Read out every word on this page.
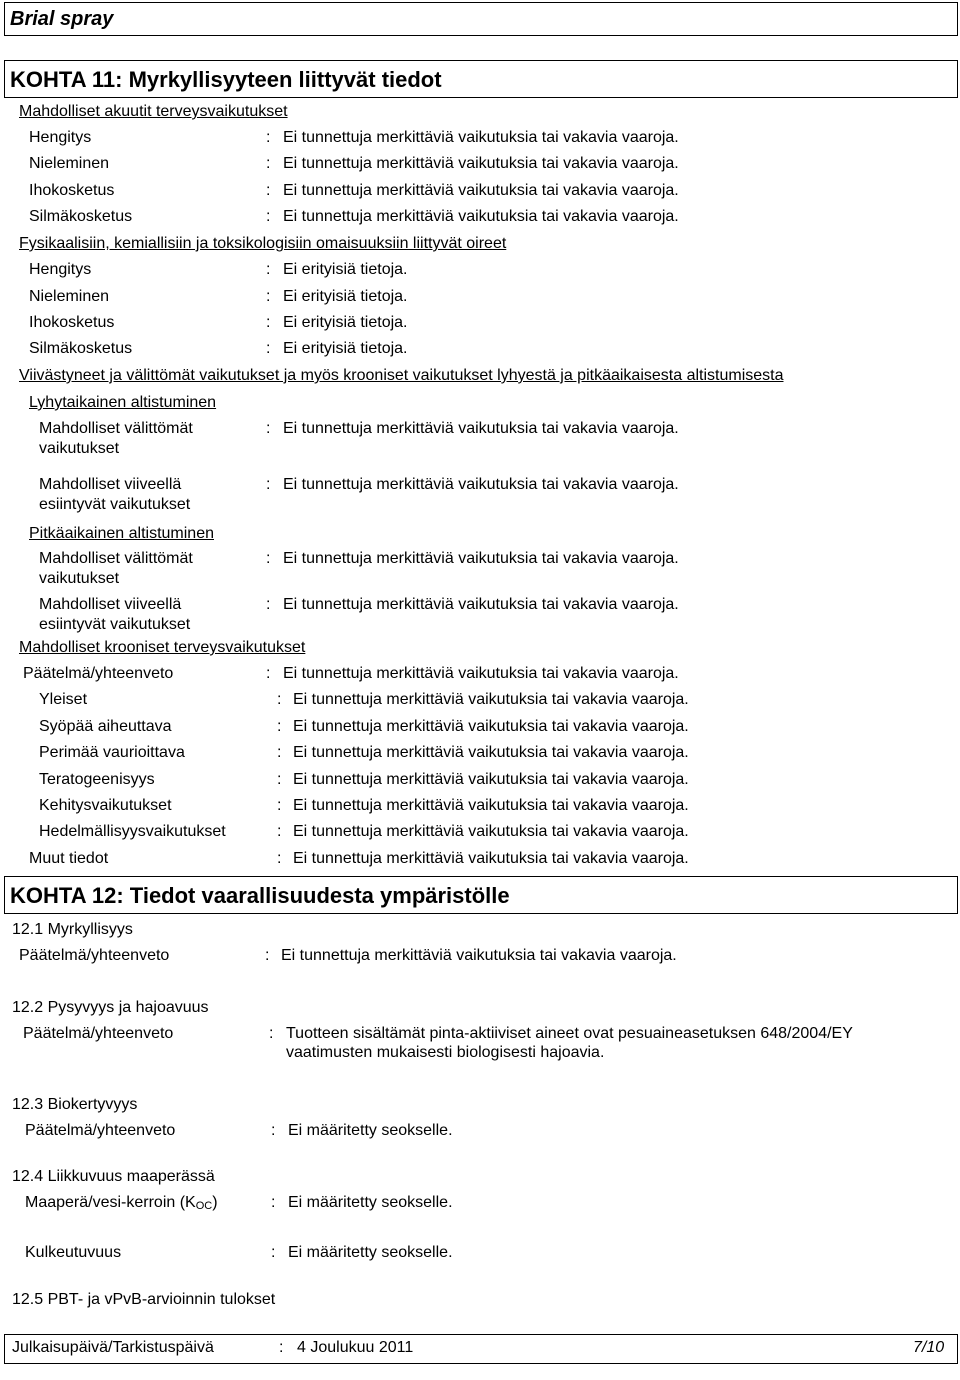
Brial spray
KOHTA 11: Myrkyllisyyteen liittyvät tiedot
Mahdolliset akuutit terveysvaikutukset
Hengitys	: Ei tunnettuja merkittäviä vaikutuksia tai vakavia vaaroja.
Nieleminen	: Ei tunnettuja merkittäviä vaikutuksia tai vakavia vaaroja.
Ihokosketus	: Ei tunnettuja merkittäviä vaikutuksia tai vakavia vaaroja.
Silmäkosketus	: Ei tunnettuja merkittäviä vaikutuksia tai vakavia vaaroja.
Fysikaalisiin, kemiallisiin ja toksikologisiin omaisuuksiin liittyvät oireet
Hengitys	: Ei erityisiä tietoja.
Nieleminen	: Ei erityisiä tietoja.
Ihokosketus	: Ei erityisiä tietoja.
Silmäkosketus	: Ei erityisiä tietoja.
Viivästyneet ja välittömät vaikutukset ja myös krooniset vaikutukset lyhyestä ja pitkäaikaisesta altistumisesta
Lyhytaikainen altistuminen
Mahdolliset välittömät
vaikutukset
: Ei tunnettuja merkittäviä vaikutuksia tai vakavia vaaroja.
Mahdolliset viiveellä
esiintyvät vaikutukset
: Ei tunnettuja merkittäviä vaikutuksia tai vakavia vaaroja.
Pitkäaikainen altistuminen
Mahdolliset välittömät
vaikutukset
: Ei tunnettuja merkittäviä vaikutuksia tai vakavia vaaroja.
Mahdolliset viiveellä
esiintyvät vaikutukset
: Ei tunnettuja merkittäviä vaikutuksia tai vakavia vaaroja.
Mahdolliset krooniset terveysvaikutukset
Päätelmä/yhteenveto	: Ei tunnettuja merkittäviä vaikutuksia tai vakavia vaaroja.
Yleiset	: Ei tunnettuja merkittäviä vaikutuksia tai vakavia vaaroja.
Syöpää aiheuttava	: Ei tunnettuja merkittäviä vaikutuksia tai vakavia vaaroja.
Perimää vaurioittava	: Ei tunnettuja merkittäviä vaikutuksia tai vakavia vaaroja.
Teratogeenisyys	: Ei tunnettuja merkittäviä vaikutuksia tai vakavia vaaroja.
Kehitysvaikutukset	: Ei tunnettuja merkittäviä vaikutuksia tai vakavia vaaroja.
Hedelmällisyysvaikutukset	: Ei tunnettuja merkittäviä vaikutuksia tai vakavia vaaroja.
Muut tiedot	: Ei tunnettuja merkittäviä vaikutuksia tai vakavia vaaroja.
KOHTA 12: Tiedot vaarallisuudesta ympäristölle
12.1 Myrkyllisyys
Päätelmä/yhteenveto	: Ei tunnettuja merkittäviä vaikutuksia tai vakavia vaaroja.
12.2 Pysyvyys ja hajoavuus
Päätelmä/yhteenveto	: Tuotteen sisältämät pinta-aktiiviset aineet ovat pesuaineasetuksen 648/2004/EY
vaatimusten mukaisesti biologisesti hajoavia.
12.3 Biokertyvyys
Päätelmä/yhteenveto	: Ei määritetty seokselle.
12.4 Liikkuvuus maaperässä
Maaperä/vesi-kerroin $(K_{OC})$	: Ei määritetty seokselle.
Kulkeutuvuus	: Ei määritetty seokselle.
12.5 PBT- ja vPvB-arvioinnin tulokset
Julkaisupäivä/Tarkistuspäivä	: 4 Joulukuu 2011	7/10
